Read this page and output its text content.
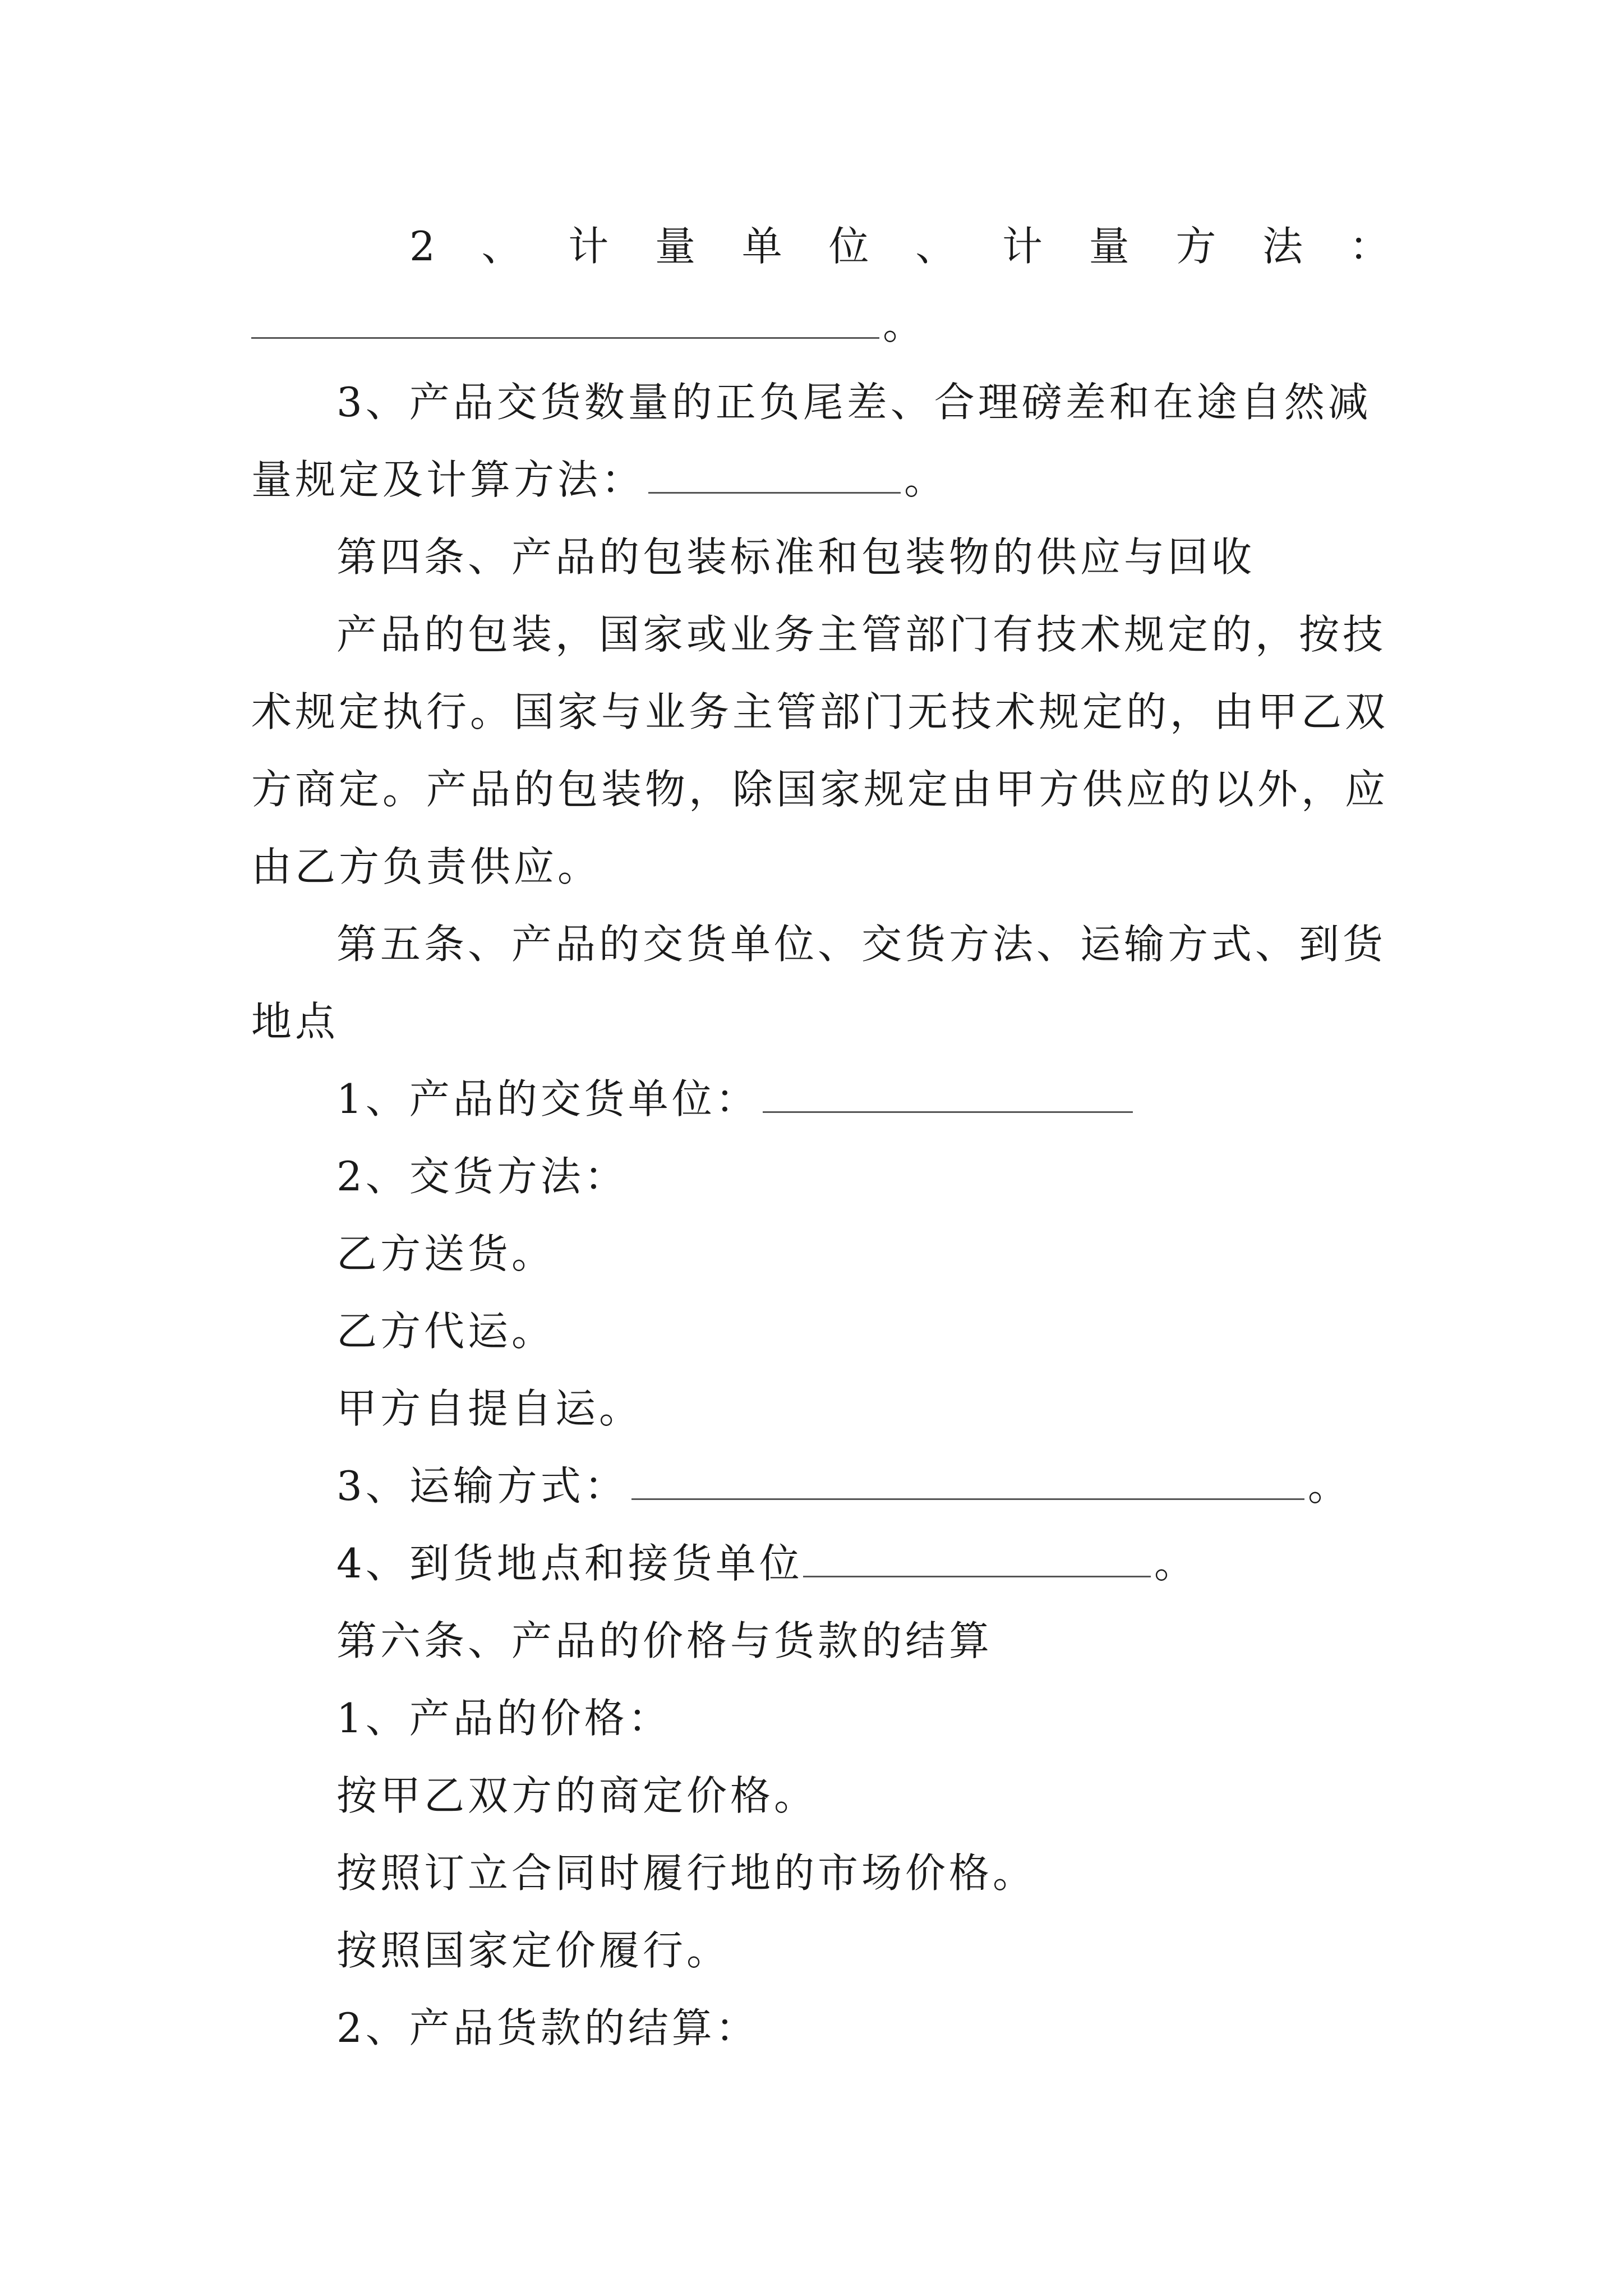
2 、 计 量 单 位 、 计 量 方 法 ：
。
3、产品交货数量的正负尾差、合理磅差和在途自然减
量规定及计算方法：	。
第四条、产品的包装标准和包装物的供应与回收
产品的包装，国家或业务主管部门有技术规定的，按技
术规定执行。国家与业务主管部门无技术规定的，由甲乙双
方商定。产品的包装物，除国家规定由甲方供应的以外，应
由乙方负责供应。
第五条、产品的交货单位、交货方法、运输方式、到货
地点
1、产品的交货单位：
2、交货方法：
乙方送货。
乙方代运。
甲方自提自运。
3、运输方式：	。
4、到货地点和接货单位	。
第六条、产品的价格与货款的结算
1、产品的价格：
按甲乙双方的商定价格。
按照订立合同时履行地的市场价格。
按照国家定价履行。
2、产品货款的结算：
